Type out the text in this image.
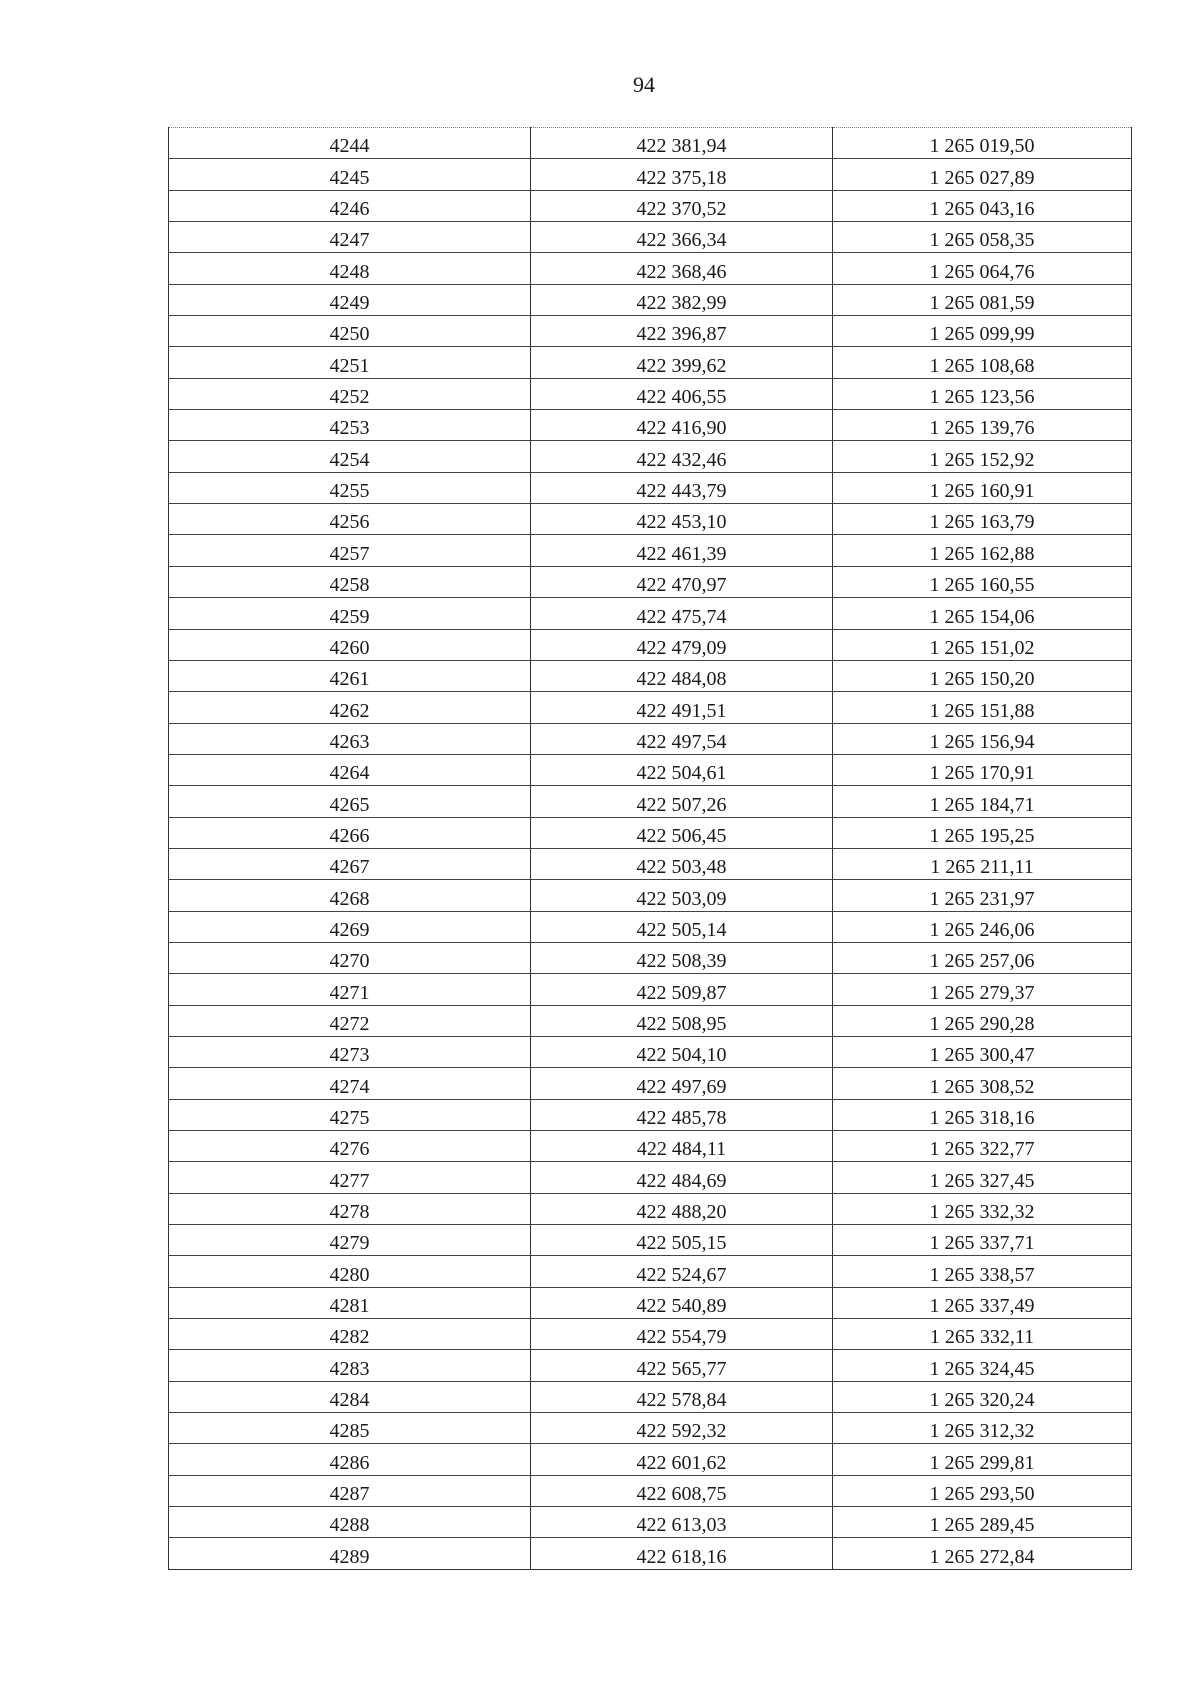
94
4244	422 381,94	1 265 019,50
4245	422 375,18	1 265 027,89
4246	422 370,52	1 265 043,16
4247	422 366,34	1 265 058,35
4248	422 368,46	1 265 064,76
4249	422 382,99	1 265 081,59
4250	422 396,87	1 265 099,99
4251	422 399,62	1 265 108,68
4252	422 406,55	1 265 123,56
4253	422 416,90	1 265 139,76
4254	422 432,46	1 265 152,92
4255	422 443,79	1 265 160,91
4256	422 453,10	1 265 163,79
4257	422 461,39	1 265 162,88
4258	422 470,97	1 265 160,55
4259	422 475,74	1 265 154,06
4260	422 479,09	1 265 151,02
4261	422 484,08	1 265 150,20
4262	422 491,51	1 265 151,88
4263	422 497,54	1 265 156,94
4264	422 504,61	1 265 170,91
4265	422 507,26	1 265 184,71
4266	422 506,45	1 265 195,25
4267	422 503,48	1 265 211,11
4268	422 503,09	1 265 231,97
4269	422 505,14	1 265 246,06
4270	422 508,39	1 265 257,06
4271	422 509,87	1 265 279,37
4272	422 508,95	1 265 290,28
4273	422 504,10	1 265 300,47
4274	422 497,69	1 265 308,52
4275	422 485,78	1 265 318,16
4276	422 484,11	1 265 322,77
4277	422 484,69	1 265 327,45
4278	422 488,20	1 265 332,32
4279	422 505,15	1 265 337,71
4280	422 524,67	1 265 338,57
4281	422 540,89	1 265 337,49
4282	422 554,79	1 265 332,11
4283	422 565,77	1 265 324,45
4284	422 578,84	1 265 320,24
4285	422 592,32	1 265 312,32
4286	422 601,62	1 265 299,81
4287	422 608,75	1 265 293,50
4288	422 613,03	1 265 289,45
4289	422 618,16	1 265 272,84
